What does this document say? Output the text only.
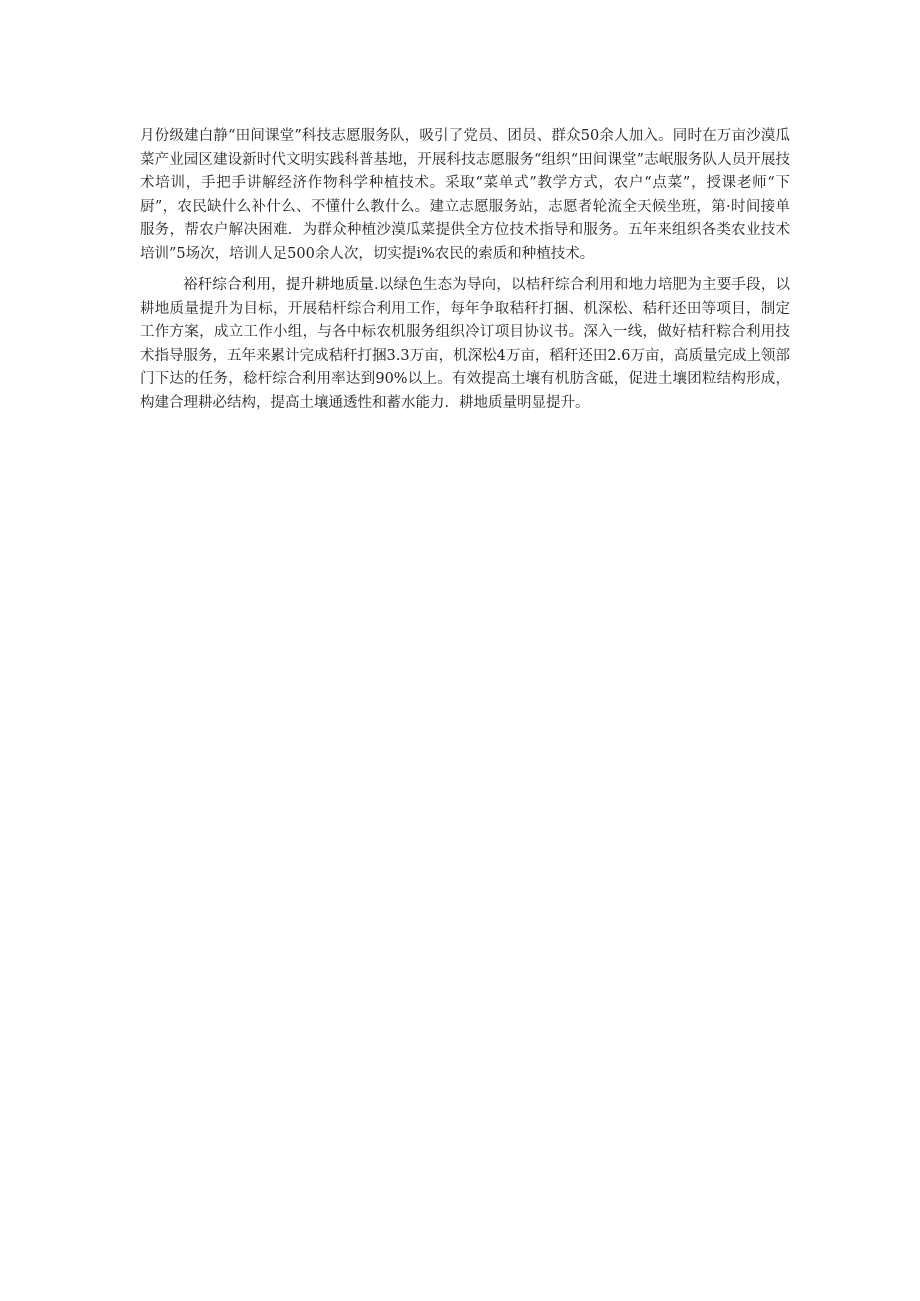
月份级建白静“田间课堂”科技志愿服务队，吸引了党员、团员、群众50余人加入。同时在万亩沙漠瓜菜产业园区建设新时代文明实践科普基地，开展科技志愿服务“组织“田间课堂”志岷服务队人员开展技术培训，手把手讲解经济作物科学种植技术。采取“菜单式”教学方式，农户“点菜”，授课老师“下厨”，农民缺什么补什么、不懂什么教什么。建立志愿服务站，志愿者轮流全天候坐班，第·时间接单服务，帮农户解决困难．为群众种植沙漠瓜菜提供全方位技术指导和服务。五年来组织各类农业技术培训”5场次，培训人足500余人次，切实提i%农民的索质和种植技术。

裕秆综合利用，提升耕地质量.以绿色生态为导向，以桔秆综合利用和地力培肥为主要手段，以耕地质量提升为目标，开展秸杆综合利用工作，每年争取秸秆打捆、机深松、秸秆还田等项目，制定工作方案，成立工作小组，与各中标农机服务组织冷订项目协议书。深入一线，做好桔秆粽合利用技术指导服务，五年来累计完成秸秆打捆3.3万亩，机深松4万亩，稻秆还田2.6万亩，高质量完成上领部门下达的任务，稔杆综合利用率达到90%以上。有效提高土壤有机肪含砥，促进土壤团粒结构形成，构建合理耕必结构，提高土壤通透性和蓄水能力．耕地质量明显提升。
